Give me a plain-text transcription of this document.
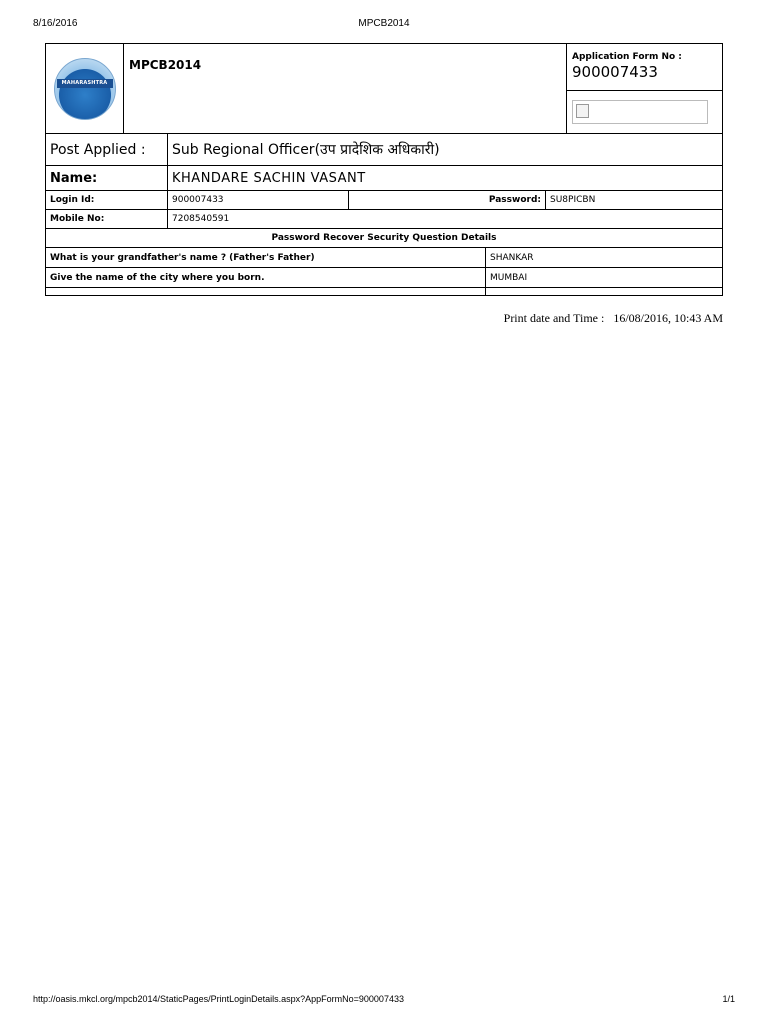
8/16/2016	MPCB2014
MAHARASHTRA
MPCB2014
Application Form No :
900007433
Post Applied :	Sub Regional Officer(उप प्रादेशिक अधिकारी)
Name:	KHANDARE SACHIN VASANT
Login Id:	900007433	Password:	SU8PICBN
Mobile No:	7208540591
Password Recover Security Question Details
What is your grandfather's name ? (Father's Father)	SHANKAR
Give the name of the city where you born.	MUMBAI
Print date and Time : 16/08/2016, 10:43 AM
http://oasis.mkcl.org/mpcb2014/StaticPages/PrintLoginDetails.aspx?AppFormNo=900007433	1/1
